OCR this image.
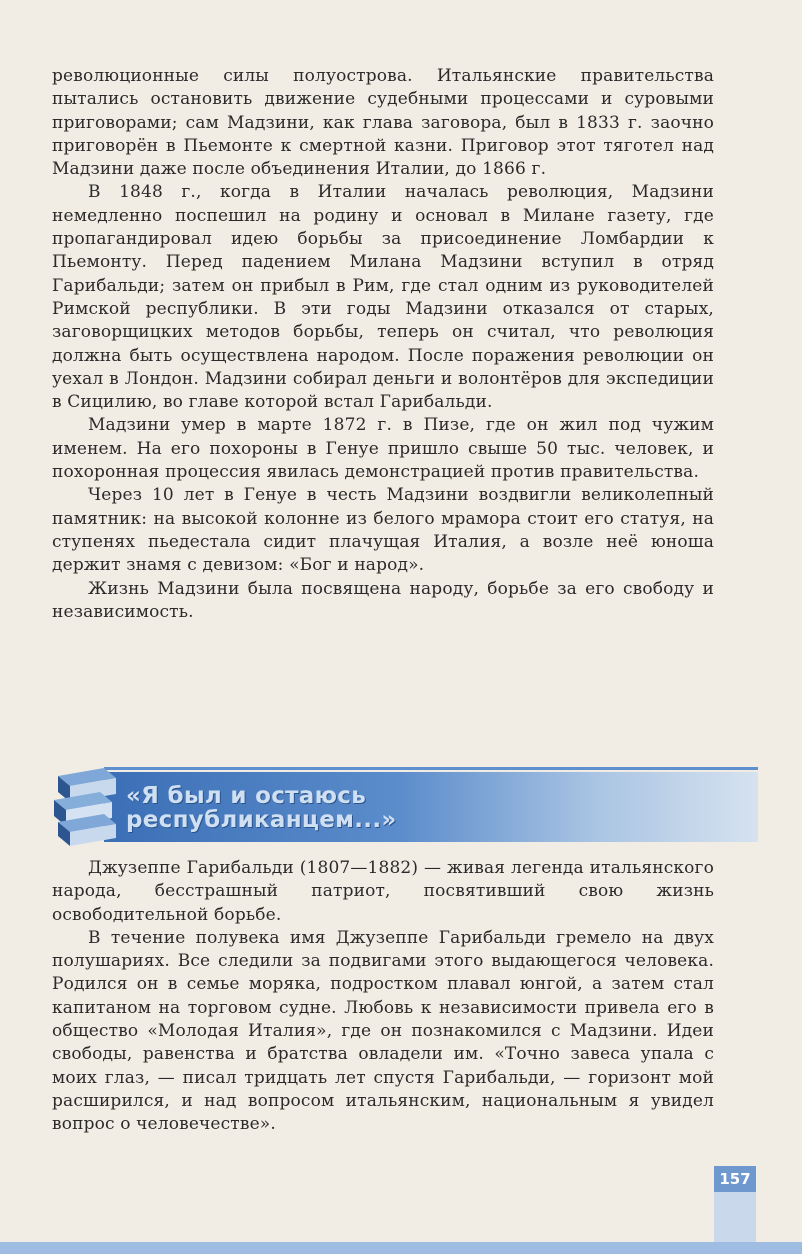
революционные силы полуострова. Итальянские правительства пытались остановить движение судебными процессами и суровыми приговорами; сам Мадзини, как глава заговора, был в 1833 г. заочно приговорён в Пьемонте к смертной казни. Приговор этот тяготел над Мадзини даже после объединения Италии, до 1866 г.

В 1848 г., когда в Италии началась революция, Мадзини немедленно поспешил на родину и основал в Милане газету, где пропагандировал идею борьбы за присоединение Ломбардии к Пьемонту. Перед падением Милана Мадзини вступил в отряд Гарибальди; затем он прибыл в Рим, где стал одним из руководителей Римской республики. В эти годы Мадзини отказался от старых, заговорщицких методов борьбы, теперь он считал, что революция должна быть осуществлена народом. После поражения революции он уехал в Лондон. Мадзини собирал деньги и волонтёров для экспедиции в Сицилию, во главе которой встал Гарибальди.

Мадзини умер в марте 1872 г. в Пизе, где он жил под чужим именем. На его похороны в Генуе пришло свыше 50 тыс. человек, и похоронная процессия явилась демонстрацией против правительства.

Через 10 лет в Генуе в честь Мадзини воздвигли великолепный памятник: на высокой колонне из белого мрамора стоит его статуя, на ступенях пьедестала сидит плачущая Италия, а возле неё юноша держит знамя с девизом: «Бог и народ».

Жизнь Мадзини была посвящена народу, борьбе за его свободу и независимость.

«Я был и остаюсь
республиканцем...»

Джузеппе Гарибальди (1807—1882) — живая легенда итальянского народа, бесстрашный патриот, посвятивший свою жизнь освободительной борьбе.

В течение полувека имя Джузеппе Гарибальди гремело на двух полушариях. Все следили за подвигами этого выдающегося человека. Родился он в семье моряка, подростком плавал юнгой, а затем стал капитаном на торговом судне. Любовь к независимости привела его в общество «Молодая Италия», где он познакомился с Мадзини. Идеи свободы, равенства и братства овладели им. «Точно завеса упала с моих глаз, — писал тридцать лет спустя Гарибальди, — горизонт мой расширился, и над вопросом итальянским, национальным я увидел вопрос о человечестве».

157
